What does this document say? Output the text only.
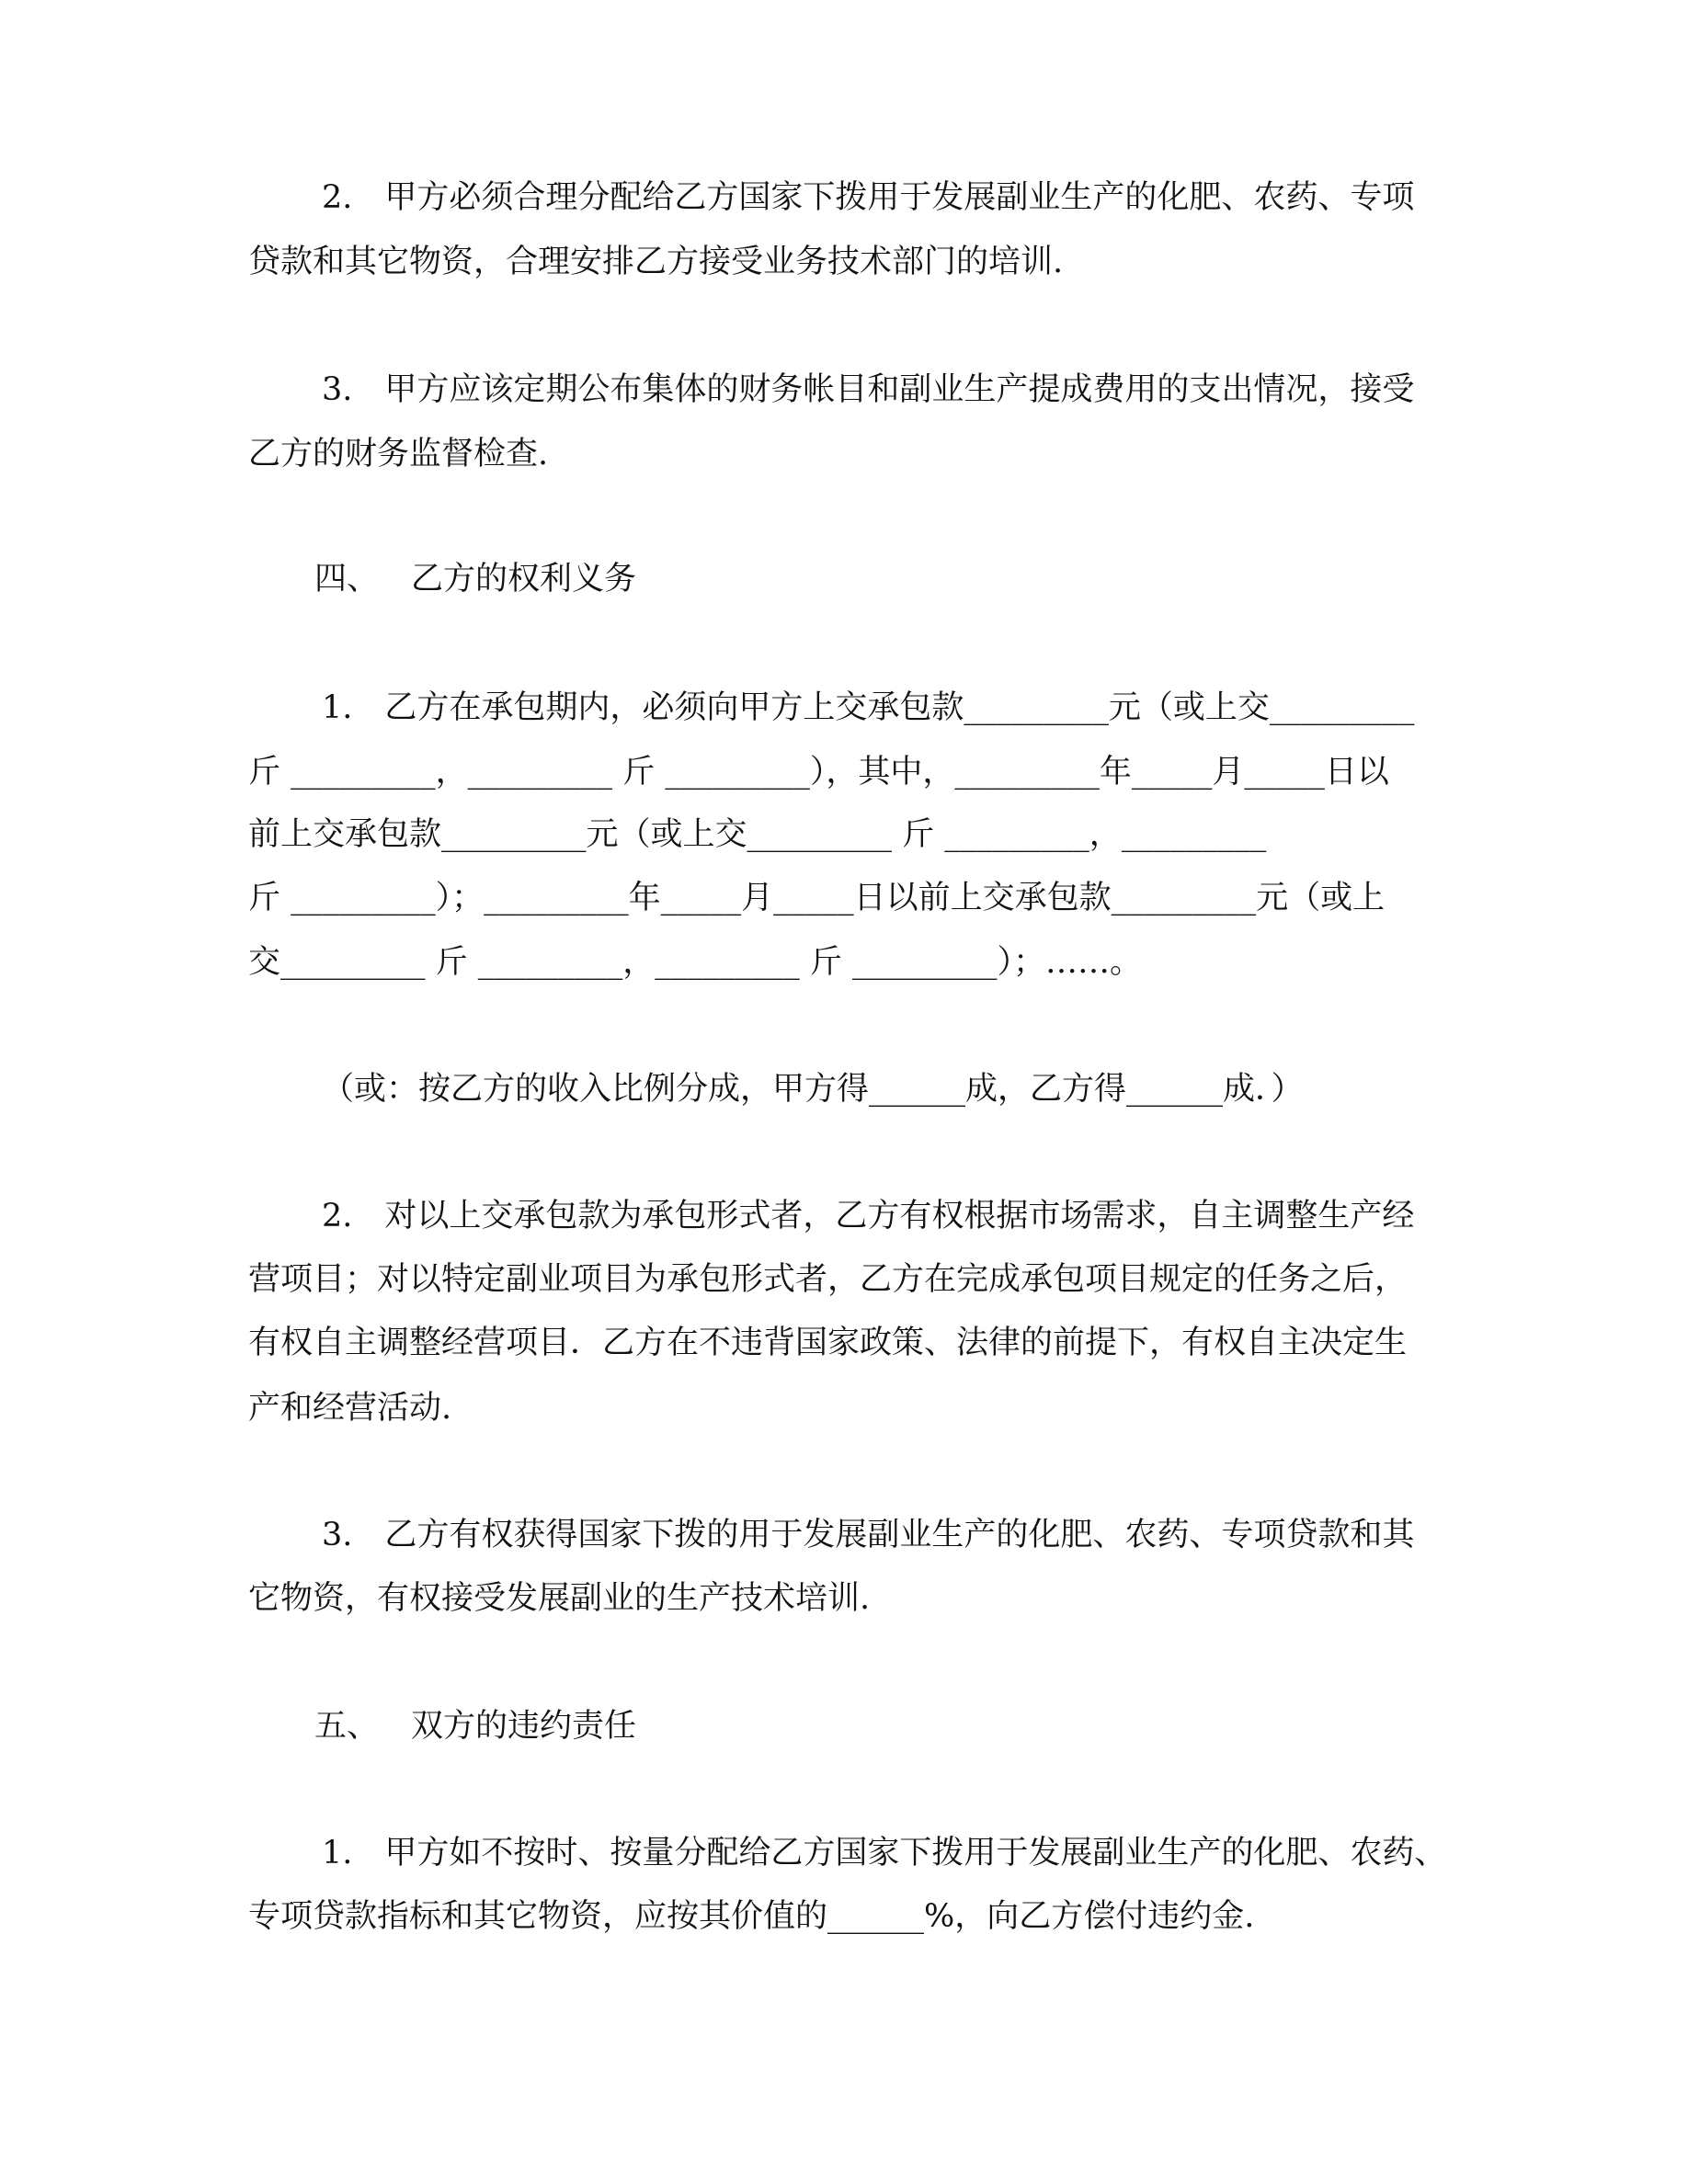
2.　甲方必须合理分配给乙方国家下拨用于发展副业生产的化肥、农药、专项
贷款和其它物资，合理安排乙方接受业务技术部门的培训.
3.　甲方应该定期公布集体的财务帐目和副业生产提成费用的支出情况，接受
乙方的财务监督检查.
四、 乙方的权利义务
1.　乙方在承包期内，必须向甲方上交承包款_________元（或上交_________
斤 _________，_________ 斤 _________），其中，_________年_____月_____日以
前上交承包款_________元（或上交_________ 斤 _________，_________
斤 _________）；_________年_____月_____日以前上交承包款_________元（或上
交_________ 斤 _________，_________ 斤 _________）；……。
（或：按乙方的收入比例分成，甲方得______成，乙方得______成．）
2.　对以上交承包款为承包形式者，乙方有权根据市场需求，自主调整生产经
营项目；对以特定副业项目为承包形式者，乙方在完成承包项目规定的任务之后，
有权自主调整经营项目．乙方在不违背国家政策、法律的前提下，有权自主决定生
产和经营活动.
3.　乙方有权获得国家下拨的用于发展副业生产的化肥、农药、专项贷款和其
它物资，有权接受发展副业的生产技术培训.
五、 双方的违约责任
1.　甲方如不按时、按量分配给乙方国家下拨用于发展副业生产的化肥、农药、
专项贷款指标和其它物资，应按其价值的______%，向乙方偿付违约金.
